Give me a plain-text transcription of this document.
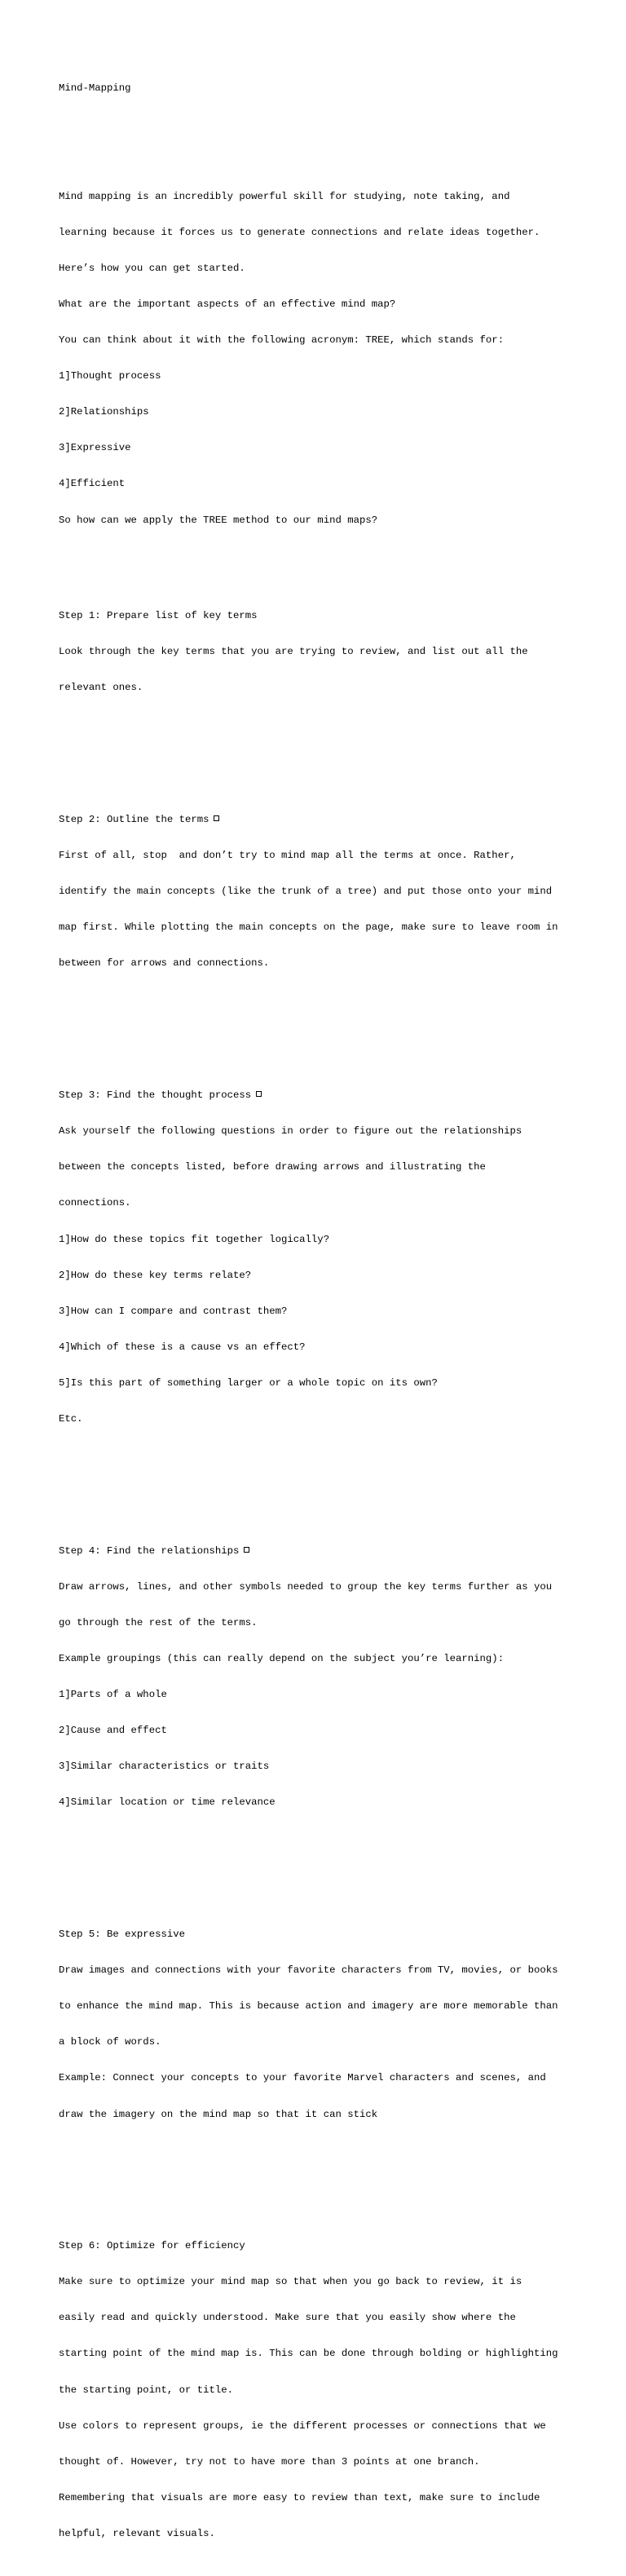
Mind-Mapping

Mind mapping is an incredibly powerful skill for studying, note taking, and

learning because it forces us to generate connections and relate ideas together.

Here’s how you can get started.

What are the important aspects of an effective mind map?

You can think about it with the following acronym: TREE, which stands for:

1]Thought process

2]Relationships

3]Expressive

4]Efficient

So how can we apply the TREE method to our mind maps?

Step 1: Prepare list of key terms

Look through the key terms that you are trying to review, and list out all the

relevant ones.

Step 2: Outline the terms

First of all, stop  and don’t try to mind map all the terms at once. Rather,

identify the main concepts (like the trunk of a tree) and put those onto your mind

map first. While plotting the main concepts on the page, make sure to leave room in

between for arrows and connections.

Step 3: Find the thought process

Ask yourself the following questions in order to figure out the relationships

between the concepts listed, before drawing arrows and illustrating the

connections.

1]How do these topics fit together logically?

2]How do these key terms relate?

3]How can I compare and contrast them?

4]Which of these is a cause vs an effect?

5]Is this part of something larger or a whole topic on its own?

Etc.

Step 4: Find the relationships

Draw arrows, lines, and other symbols needed to group the key terms further as you

go through the rest of the terms.

Example groupings (this can really depend on the subject you’re learning):

1]Parts of a whole

2]Cause and effect

3]Similar characteristics or traits

4]Similar location or time relevance

Step 5: Be expressive

Draw images and connections with your favorite characters from TV, movies, or books

to enhance the mind map. This is because action and imagery are more memorable than

a block of words.

Example: Connect your concepts to your favorite Marvel characters and scenes, and

draw the imagery on the mind map so that it can stick

Step 6: Optimize for efficiency

Make sure to optimize your mind map so that when you go back to review, it is

easily read and quickly understood. Make sure that you easily show where the

starting point of the mind map is. This can be done through bolding or highlighting

the starting point, or title.

Use colors to represent groups, ie the different processes or connections that we

thought of. However, try not to have more than 3 points at one branch.

Remembering that visuals are more easy to review than text, make sure to include

helpful, relevant visuals.
